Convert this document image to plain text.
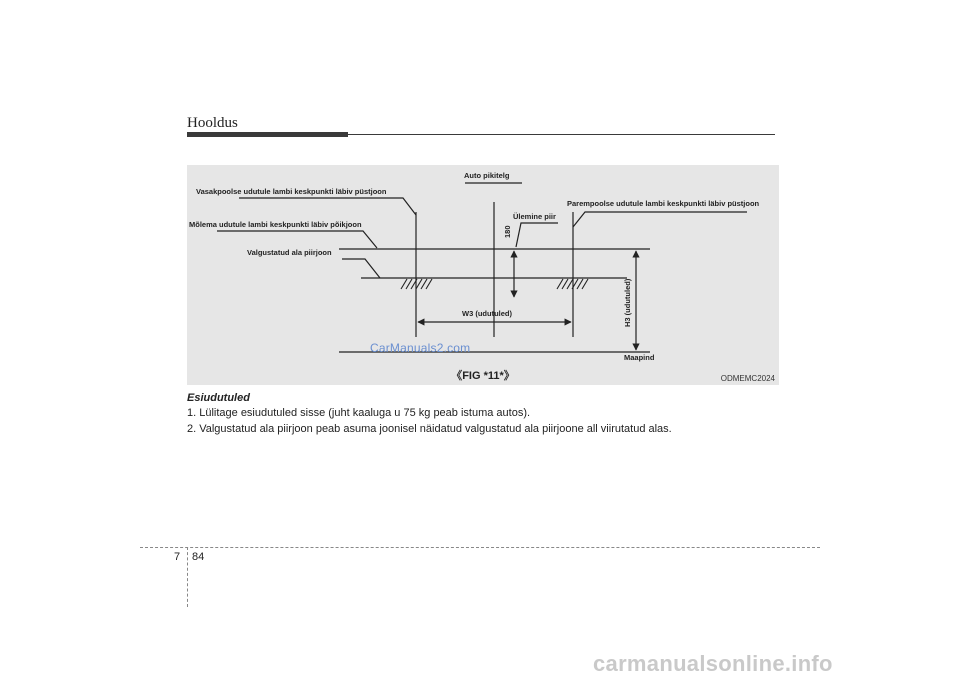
Hooldus
Auto pikitelg
Vasakpoolse udutule lambi keskpunkti läbiv püstjoon
Parempoolse udutule lambi keskpunkti läbiv püstjoon
Mõlema udutule lambi keskpunkti läbiv põikjoon
Ülemine piir
Valgustatud ala piirjoon
W3 (udutuled)
Maapind
180
H3 (udutuled)
CarManuals2.com
《FIG *11*》	ODMEMC2024
Esiudutuled
1. Lülitage esiudutuled sisse (juht kaaluga u 75 kg peab istuma autos).
2. Valgustatud ala piirjoon peab asuma joonisel näidatud valgustatud ala piirjoone all viirutatud alas.
7 84
carmanualsonline.info
